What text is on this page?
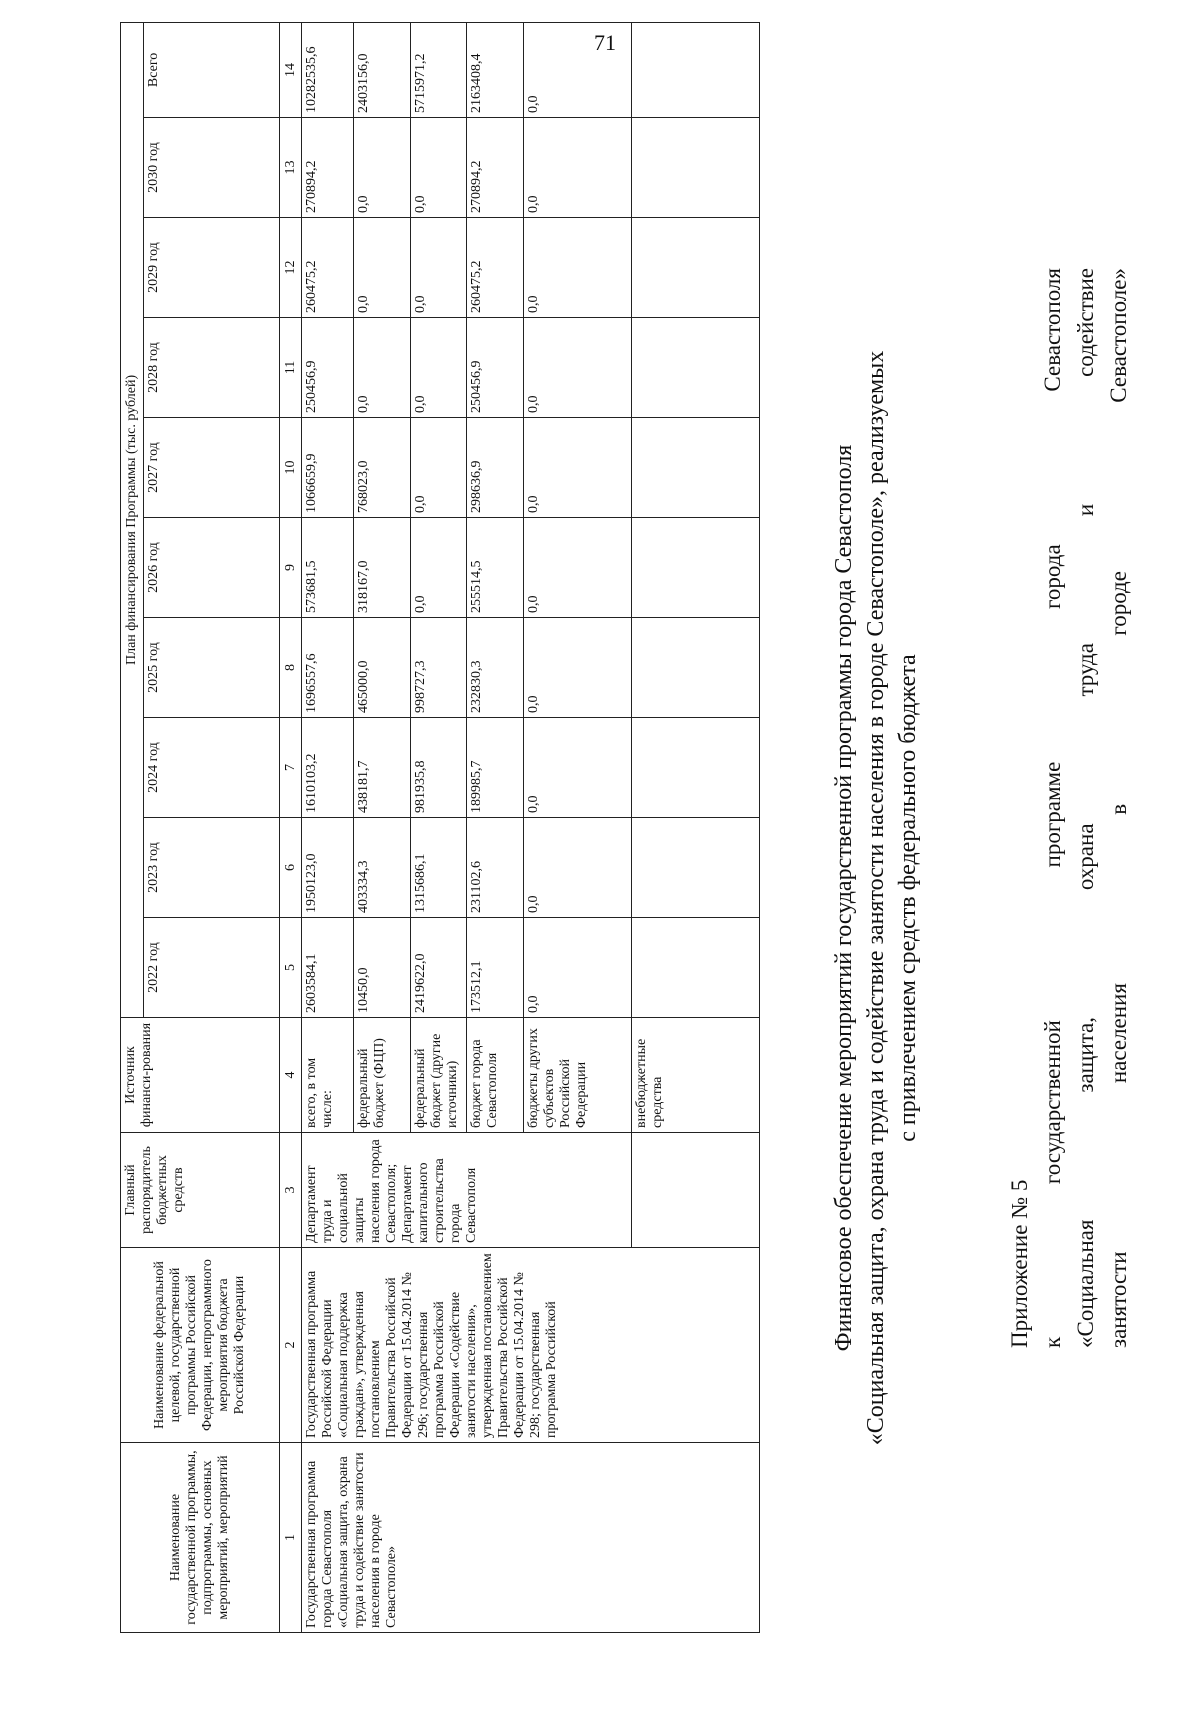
71
Приложение № 5 к государственной программе города Севастополя «Социальная защита, охрана труда и содействие занятости населения в городе Севастополе»
Финансовое обеспечение мероприятий государственной программы города Севастополя «Социальная защита, охрана труда и содействие занятости населения в городе Севастополе», реализуемых с привлечением средств федерального бюджета
Наименование государственной программы, подпрограммы, основных мероприятий, мероприятий	Наименование федеральной целевой, государственной программы Российской Федерации, непрограммного мероприятия бюджета Российской Федерации	Главный распорядитель бюджетных средств	Источник финанси-рования	План финансирования Программы (тыс. рублей)									
				2022 год	2023 год	2024 год	2025 год	2026 год	2027 год	2028 год	2029 год	2030 год	Всего
1	2	3	4	5	6	7	8	9	10	11	12	13	14
Государственная программа города Севастополя «Социальная защита, охрана труда и содействие занятости населения в городе Севастополе»	Государственная программа Российской Федерации «Социальная поддержка граждан», утвержденная постановлением Правительства Российской Федерации от 15.04.2014 № 296; государственная программа Российской Федерации «Содействие занятости населения», утвержденная постановлением Правительства Российской Федерации от 15.04.2014 № 298; государственная программа Российской	Департамент труда и социальной защиты населения города Севастополя; Департамент капитального строительства города Севастополя	всего, в том числе:	2603584,1	1950123,0	1610103,2	1696557,6	573681,5	1066659,9	250456,9	260475,2	270894,2	10282535,6
			федеральный бюджет (ФЦП)	10450,0	403334,3	438181,7	465000,0	318167,0	768023,0	0,0	0,0	0,0	2403156,0
			федеральный бюджет (другие источники)	2419622,0	1315686,1	981935,8	998727,3	0,0	0,0	0,0	0,0	0,0	5715971,2
			бюджет города Севастополя	173512,1	231102,6	189985,7	232830,3	255514,5	298636,9	250456,9	260475,2	270894,2	2163408,4
			бюджеты других субъектов Российской Федерации	0,0	0,0	0,0	0,0	0,0	0,0	0,0	0,0	0,0	0,0
			внебюджетные средства										
